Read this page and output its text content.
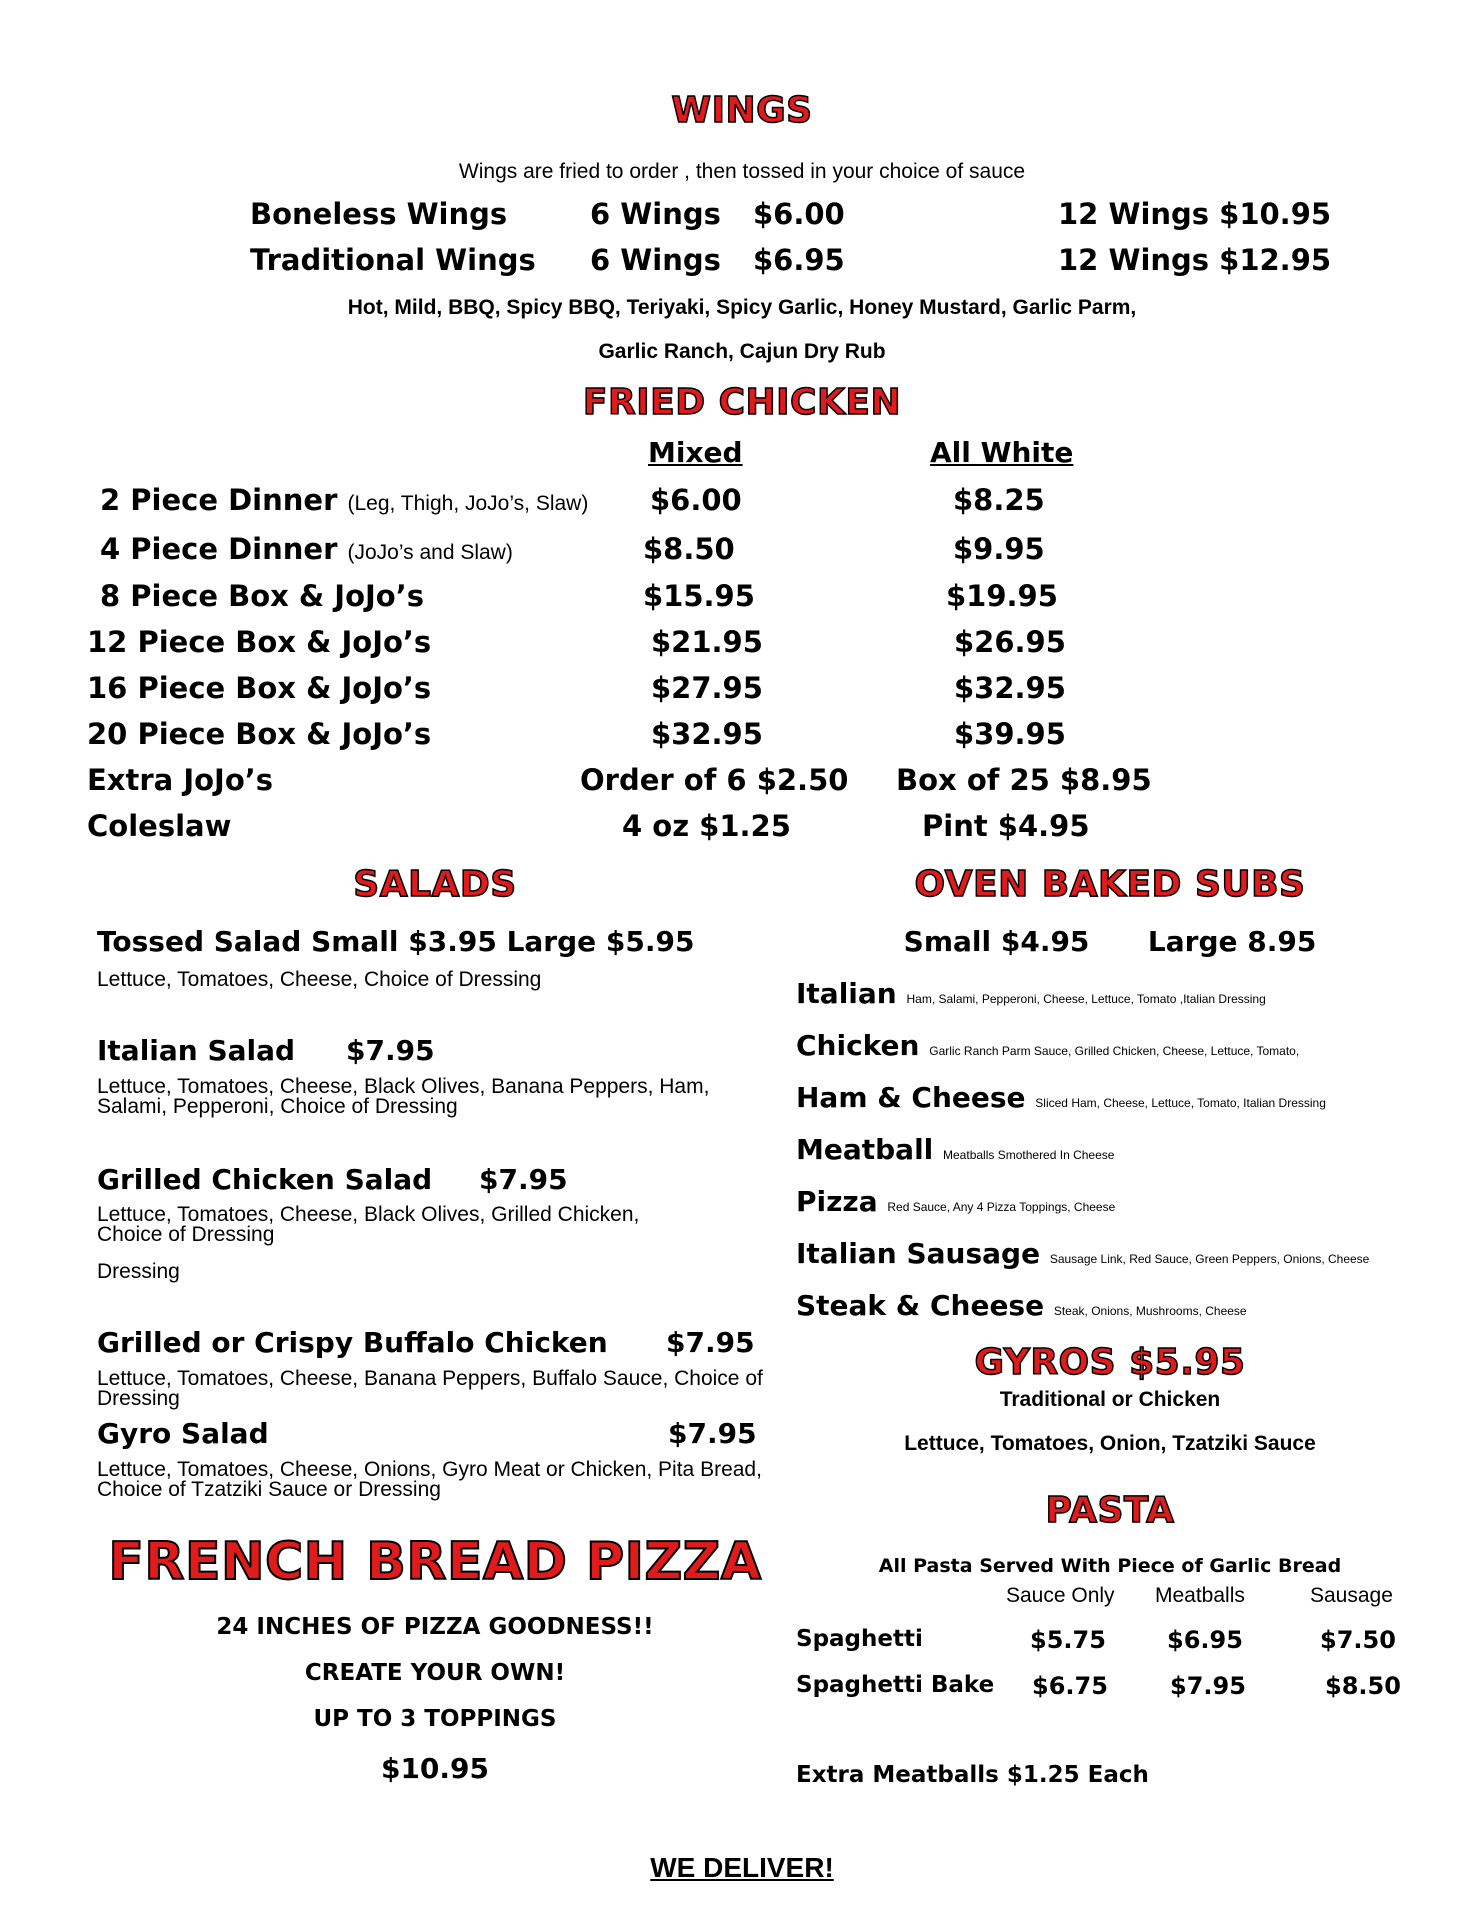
WINGS
Wings are fried to order , then tossed in your choice of sauce
Boneless Wings	6 Wings $6.00	12 Wings $10.95
Traditional Wings 6 Wings $6.95	12 Wings $12.95
Hot, Mild, BBQ, Spicy BBQ, Teriyaki, Spicy Garlic, Honey Mustard, Garlic Parm,
Garlic Ranch, Cajun Dry Rub
FRIED CHICKEN
Mixed	All White
2 Piece Dinner (Leg, Thigh, JoJo’s, Slaw) $6.00	$8.25
4 Piece Dinner (JoJo’s and Slaw)	$8.50	$9.95
8 Piece Box & JoJo’s	$15.95	$19.95
12 Piece Box & JoJo’s	$21.95	$26.95
16 Piece Box & JoJo’s	$27.95	$32.95
20 Piece Box & JoJo’s	$32.95	$39.95
Extra JoJo’s	Order of 6 $2.50 Box of 25 $8.95
Coleslaw	4 oz $1.25	Pint $4.95
SALADS
Tossed Salad Small $3.95 Large $5.95
Lettuce, Tomatoes, Cheese, Choice of Dressing
Italian Salad $7.95
Lettuce, Tomatoes, Cheese, Black Olives, Banana Peppers, Ham, Salami, Pepperoni, Choice of Dressing
Grilled Chicken Salad $7.95
Lettuce, Tomatoes, Cheese, Black Olives, Grilled Chicken, Choice of Dressing
Dressing
Grilled or Crispy Buffalo Chicken $7.95
Lettuce, Tomatoes, Cheese, Banana Peppers, Buffalo Sauce, Choice of Dressing
Gyro Salad	$7.95
Lettuce, Tomatoes, Cheese, Onions, Gyro Meat or Chicken, Pita Bread, Choice of Tzatziki Sauce or Dressing
FRENCH BREAD PIZZA
24 INCHES OF PIZZA GOODNESS!!
CREATE YOUR OWN!
UP TO 3 TOPPINGS
$10.95
OVEN BAKED SUBS
Small $4.95      Large 8.95
Italian Ham, Salami, Pepperoni, Cheese, Lettuce, Tomato ,Italian Dressing
Chicken Garlic Ranch Parm Sauce, Grilled Chicken, Cheese, Lettuce, Tomato,
Ham & Cheese Sliced Ham, Cheese, Lettuce, Tomato, Italian Dressing
Meatball Meatballs Smothered In Cheese
Pizza Red Sauce, Any 4 Pizza Toppings, Cheese
Italian Sausage Sausage Link, Red Sauce, Green Peppers, Onions, Cheese
Steak & Cheese Steak, Onions, Mushrooms, Cheese
GYROS $5.95
Traditional or Chicken
Lettuce, Tomatoes, Onion, Tzatziki Sauce
PASTA
All Pasta Served With Piece of Garlic Bread
Sauce Only Meatballs	Sausage
Spaghetti	$5.75	$6.95	$7.50
Spaghetti Bake $6.75	$7.95	$8.50
Extra Meatballs $1.25 Each
WE DELIVER!
